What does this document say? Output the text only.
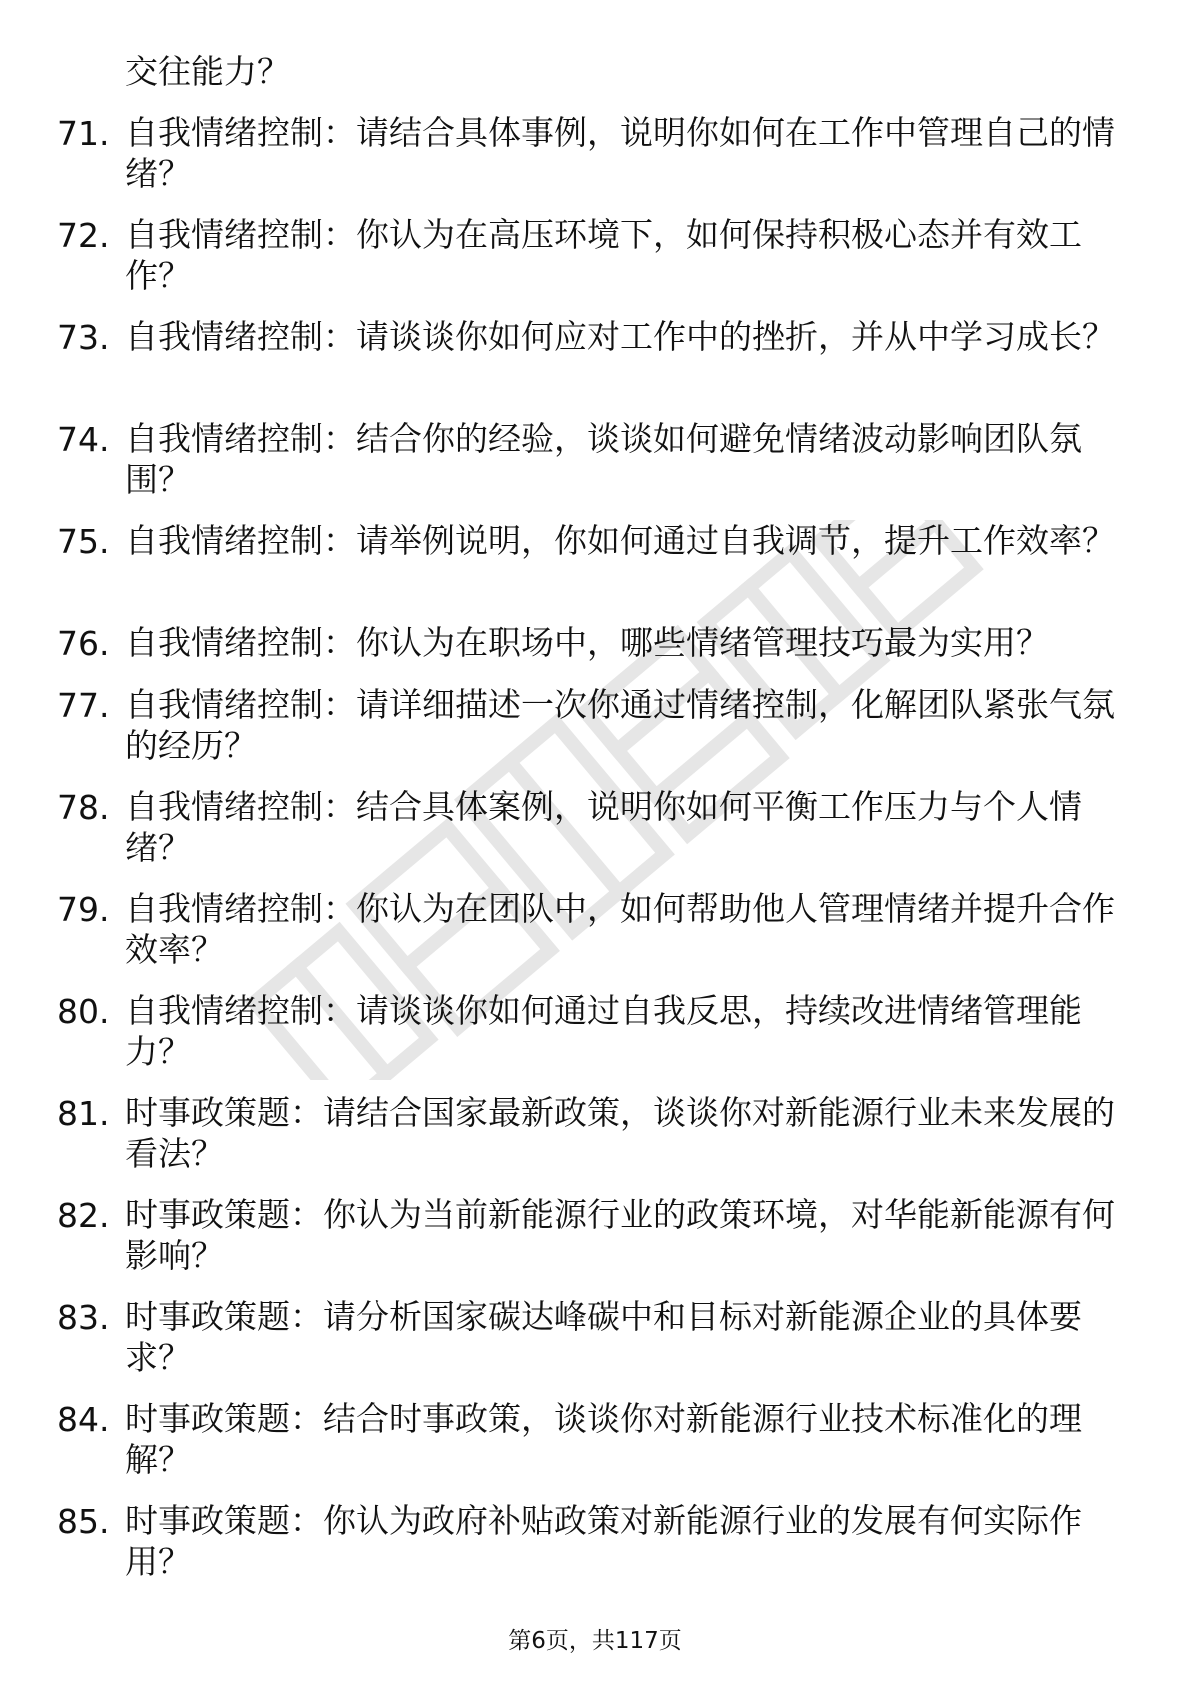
交往能力？
71. 自我情绪控制：请结合具体事例，说明你如何在工作中管理自己的情绪？
72. 自我情绪控制：你认为在高压环境下，如何保持积极心态并有效工作？
73. 自我情绪控制：请谈谈你如何应对工作中的挫折，并从中学习成长？
74. 自我情绪控制：结合你的经验，谈谈如何避免情绪波动影响团队氛围？
75. 自我情绪控制：请举例说明，你如何通过自我调节，提升工作效率？
76. 自我情绪控制：你认为在职场中，哪些情绪管理技巧最为实用？
77. 自我情绪控制：请详细描述一次你通过情绪控制，化解团队紧张气氛的经历？
78. 自我情绪控制：结合具体案例，说明你如何平衡工作压力与个人情绪？
79. 自我情绪控制：你认为在团队中，如何帮助他人管理情绪并提升合作效率？
80. 自我情绪控制：请谈谈你如何通过自我反思，持续改进情绪管理能力？
81. 时事政策题：请结合国家最新政策，谈谈你对新能源行业未来发展的看法？
82. 时事政策题：你认为当前新能源行业的政策环境，对华能新能源有何影响？
83. 时事政策题：请分析国家碳达峰碳中和目标对新能源企业的具体要求？
84. 时事政策题：结合时事政策，谈谈你对新能源行业技术标准化的理解？
85. 时事政策题：你认为政府补贴政策对新能源行业的发展有何实际作用？
第6页，共117页
